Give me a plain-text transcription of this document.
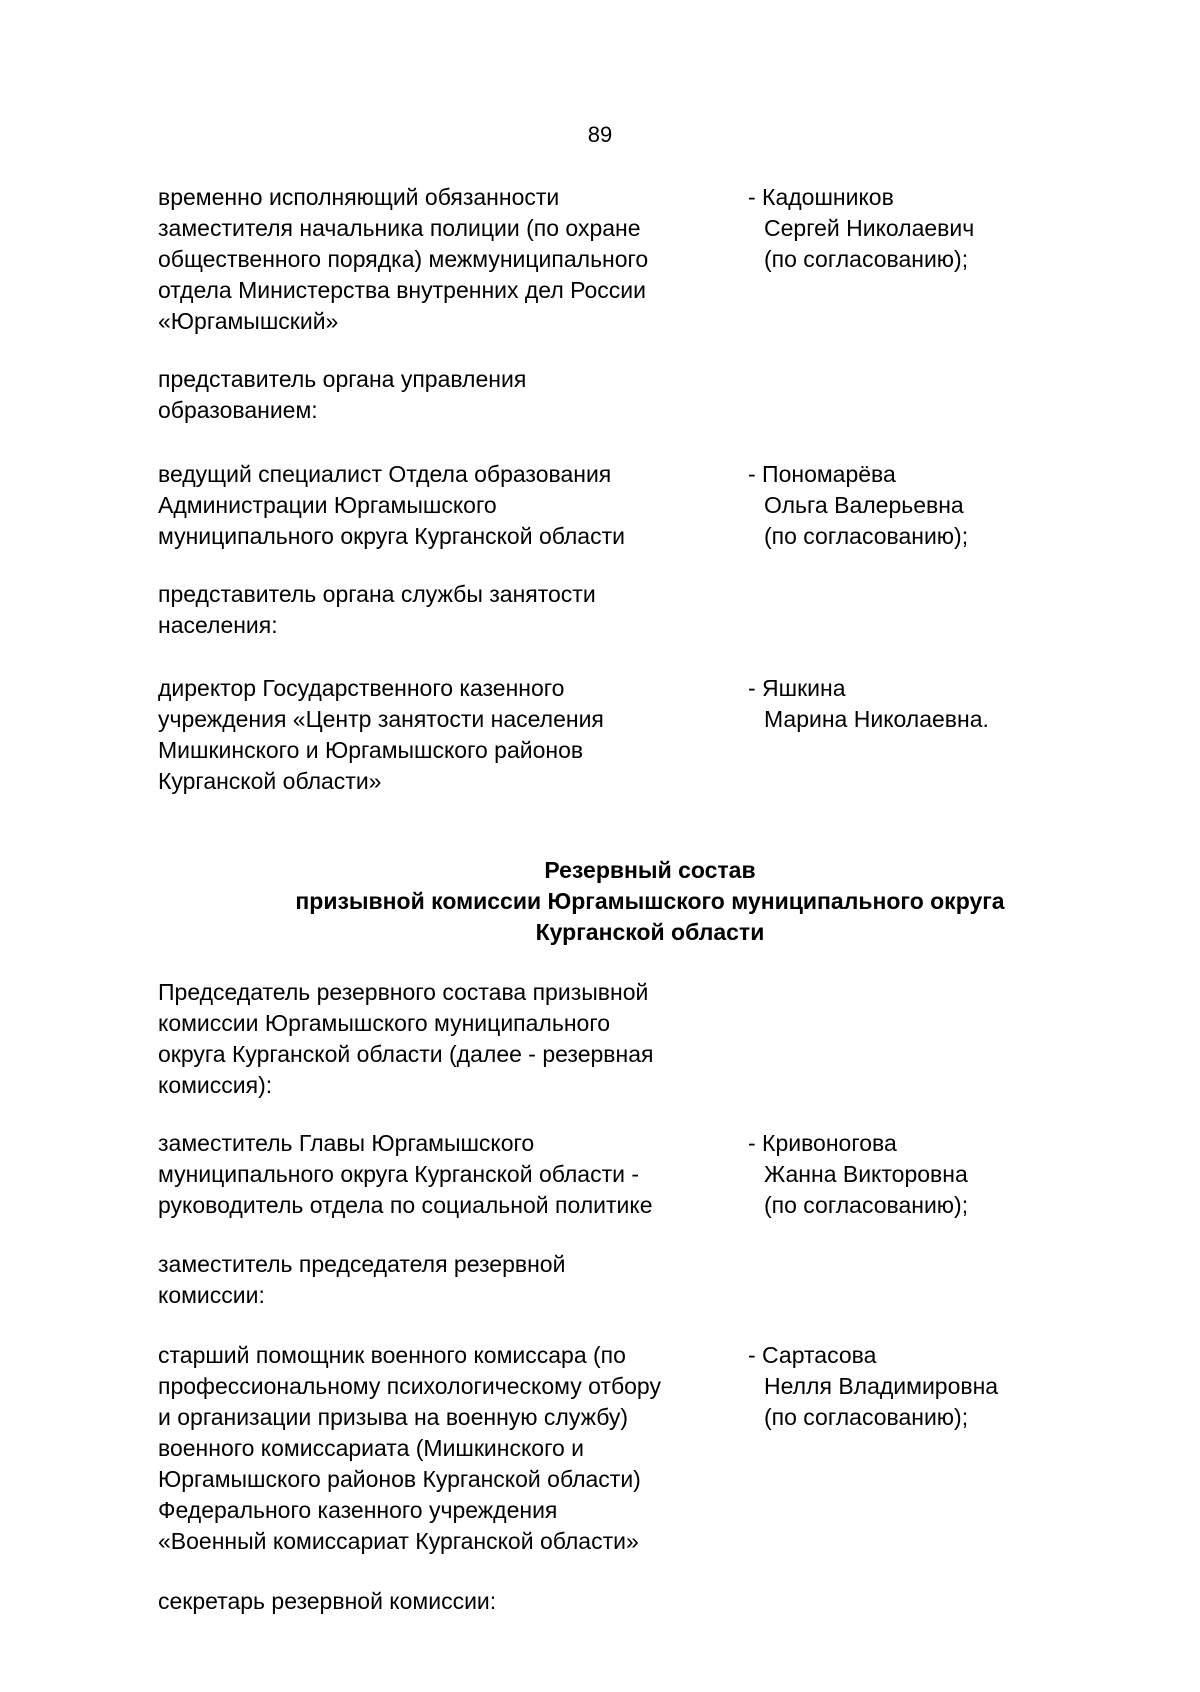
89
временно исполняющий обязанности
заместителя начальника полиции (по охране
общественного порядка) межмуниципального
отдела Министерства внутренних дел России
«Юргамышский»
- Кадошников
Сергей Николаевич
(по согласованию);
представитель органа управления
образованием:
ведущий специалист Отдела образования
Администрации Юргамышского
муниципального округа Курганской области
- Пономарёва
Ольга Валерьевна
(по согласованию);
представитель органа службы занятости
населения:
директор Государственного казенного
учреждения «Центр занятости населения
Мишкинского и Юргамышского районов
Курганской области»
- Яшкина
Марина Николаевна.
Резервный состав
призывной комиссии Юргамышского муниципального округа
Курганской области
Председатель резервного состава призывной
комиссии Юргамышского муниципального
округа Курганской области (далее - резервная
комиссия):
заместитель Главы Юргамышского
муниципального округа Курганской области -
руководитель отдела по социальной политике
- Кривоногова
Жанна Викторовна
(по согласованию);
заместитель председателя резервной
комиссии:
старший помощник военного комиссара (по
профессиональному психологическому отбору
и организации призыва на военную службу)
военного комиссариата (Мишкинского и
Юргамышского районов Курганской области)
Федерального казенного учреждения
«Военный комиссариат Курганской области»
- Сартасова
Нелля Владимировна
(по согласованию);
секретарь резервной комиссии:
